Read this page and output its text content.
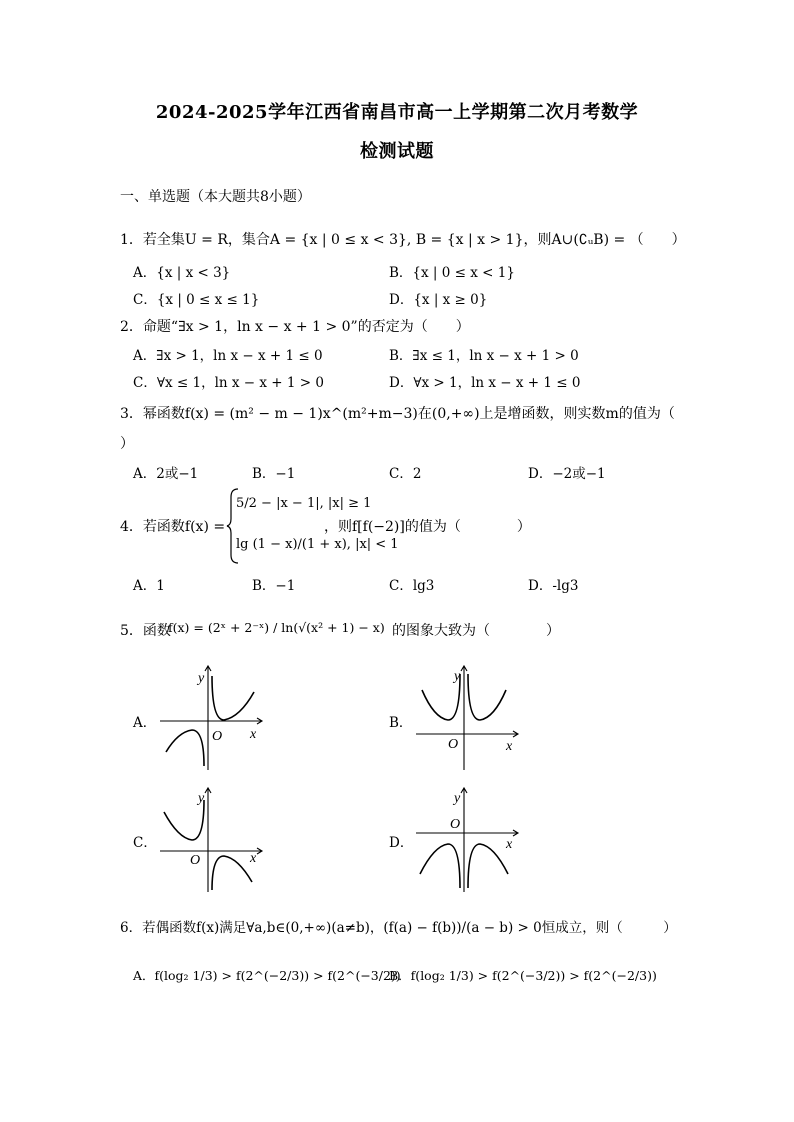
2024-2025学年江西省南昌市高一上学期第二次月考数学
检测试题
一、单选题（本大题共8小题）
1．若全集U = R，集合A = {x | 0 ≤ x < 3}, B = {x | x > 1}，则A∪(∁ᵤB) = （　　）
A．{x | x < 3}	B．{x | 0 ≤ x < 1}
C．{x | 0 ≤ x ≤ 1}	D．{x | x ≥ 0}
2．命题“∃x > 1，ln x − x + 1 > 0”的否定为（　　）
A．∃x > 1，ln x − x + 1 ≤ 0	B．∃x ≤ 1，ln x − x + 1 > 0
C．∀x ≤ 1，ln x − x + 1 > 0	D．∀x > 1，ln x − x + 1 ≤ 0
3．幂函数f(x) = (m² − m − 1)x^(m²+m−3)在(0,+∞)上是增函数，则实数m的值为（
）
A．2或−1	B．−1	C．2	D．−2或−1
4．若函数f(x) =
5/2 − |x − 1|, |x| ≥ 1
lg (1 − x)/(1 + x), |x| < 1
，则f[f(−2)]的值为（　　　　）
A．1	B．−1	C．lg3	D．-lg3
5．函数
f(x) = (2ˣ + 2⁻ˣ) / ln(√(x² + 1) − x) 的图象大致为（　　　　）
A．	B．
C．	D．
y
O x
y
O	x
y
O	x
y
O
x
6．若偶函数f(x)满足∀a,b∈(0,+∞)(a≠b)，(f(a) − f(b))/(a − b) > 0恒成立，则（　　　）
A．f(log₂ 1/3) > f(2^(−2/3)) > f(2^(−3/2))
B．f(log₂ 1/3) > f(2^(−3/2)) > f(2^(−2/3))
